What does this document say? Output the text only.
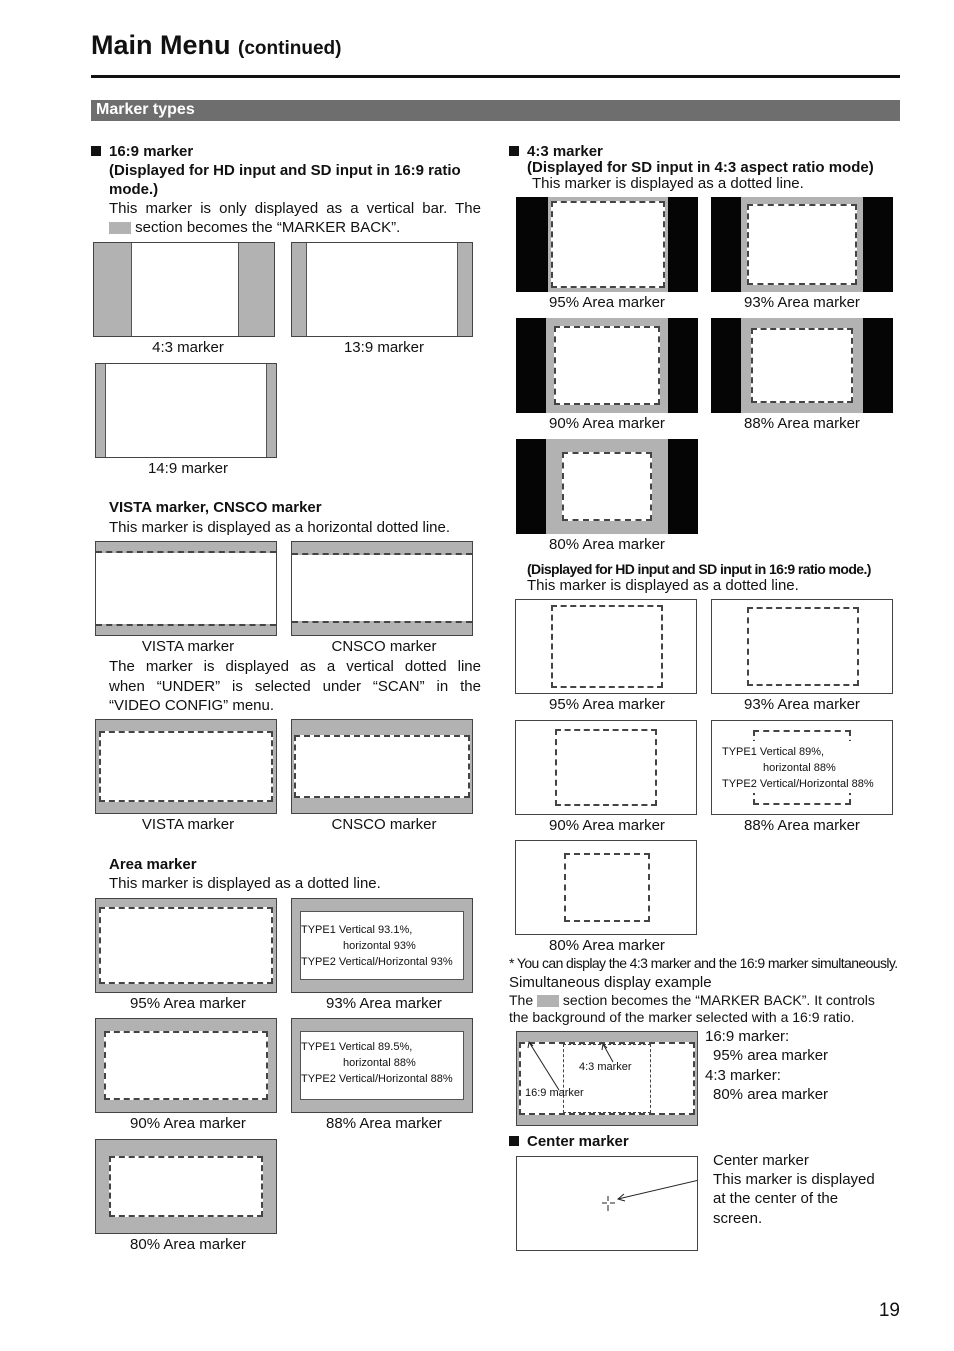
Main Menu (continued)
Marker types
16:9 marker
(Displayed for HD input and SD input in 16:9 ratio
mode.)
This marker is only displayed as a vertical bar. The
section becomes the “MARKER BACK”.
4:3 marker	13:9 marker
14:9 marker
VISTA marker, CNSCO marker
This marker is displayed as a horizontal dotted line.
VISTA marker	CNSCO marker
The marker is displayed as a vertical dotted line
when “UNDER” is selected under “SCAN” in the
“VIDEO CONFIG” menu.
VISTA marker	CNSCO marker
Area marker
This marker is displayed as a dotted line.
TYPE1 Vertical 93.1%,
horizontal 93%
TYPE2 Vertical/Horizontal 93%
95% Area marker	93% Area marker
TYPE1 Vertical 89.5%,
horizontal 88%
TYPE2 Vertical/Horizontal 88%
90% Area marker	88% Area marker
80% Area marker
4:3 marker
(Displayed for SD input in 4:3 aspect ratio mode)
This marker is displayed as a dotted line.
95% Area marker	93% Area marker
90% Area marker	88% Area marker
80% Area marker
(Displayed for HD input and SD input in 16:9 ratio mode.)
This marker is displayed as a dotted line.
95% Area marker	93% Area marker
TYPE1 Vertical 89%,
horizontal 88%
TYPE2 Vertical/Horizontal 88%
90% Area marker	88% Area marker
80% Area marker
* You can display the 4:3 marker and the 16:9 marker simultaneously.
Simultaneous display example
The section becomes the “MARKER BACK”. It controls
the background of the marker selected with a 16:9 ratio.
4:3 marker
16:9 marker
16:9 marker:
95% area marker
4:3 marker:
80% area marker
Center marker
Center marker
This marker is displayed
at the center of the
screen.
19
